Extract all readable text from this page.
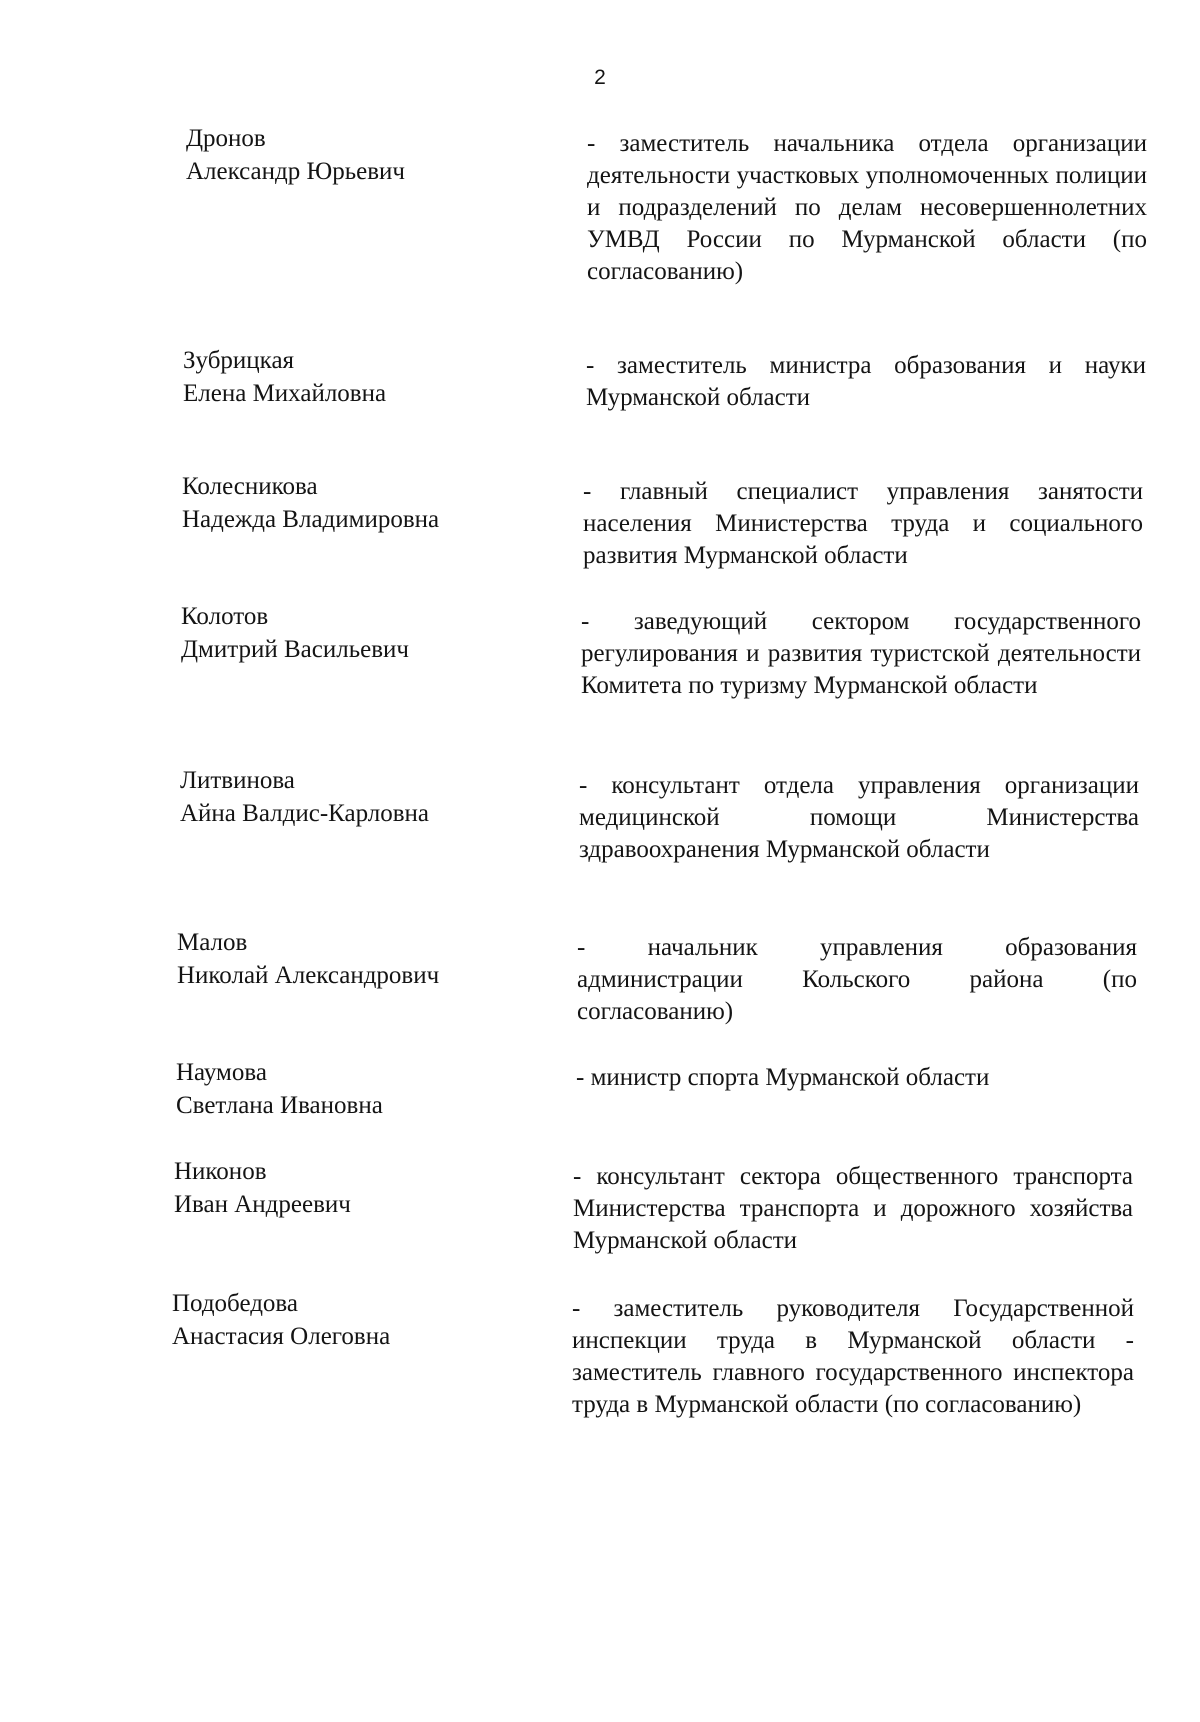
2
Дронов
Александр Юрьевич
- заместитель начальника отдела организации деятельности участковых уполномоченных полиции и подразделений по делам несовершеннолетних УМВД России по Мурманской области (по согласованию)
Зубрицкая
Елена Михайловна
- заместитель министра образования и науки Мурманской области
Колесникова
Надежда Владимировна
- главный специалист управления занятости населения Министерства труда и социального развития Мурманской области
Колотов
Дмитрий Васильевич
- заведующий сектором государственного регулирования и развития туристской деятельности Комитета по туризму Мурманской области
Литвинова
Айна Валдис-Карловна
- консультант отдела управления организации медицинской помощи Министерства здравоохранения Мурманской области
Малов
Николай Александрович
- начальник управления образования администрации Кольского района (по согласованию)
Наумова
Светлана Ивановна
- министр спорта Мурманской области
Никонов
Иван Андреевич
- консультант сектора общественного транспорта Министерства транспорта и дорожного хозяйства Мурманской области
Подобедова
Анастасия Олеговна
- заместитель руководителя Государственной инспекции труда в Мурманской области - заместитель главного государственного инспектора труда в Мурманской области (по согласованию)
